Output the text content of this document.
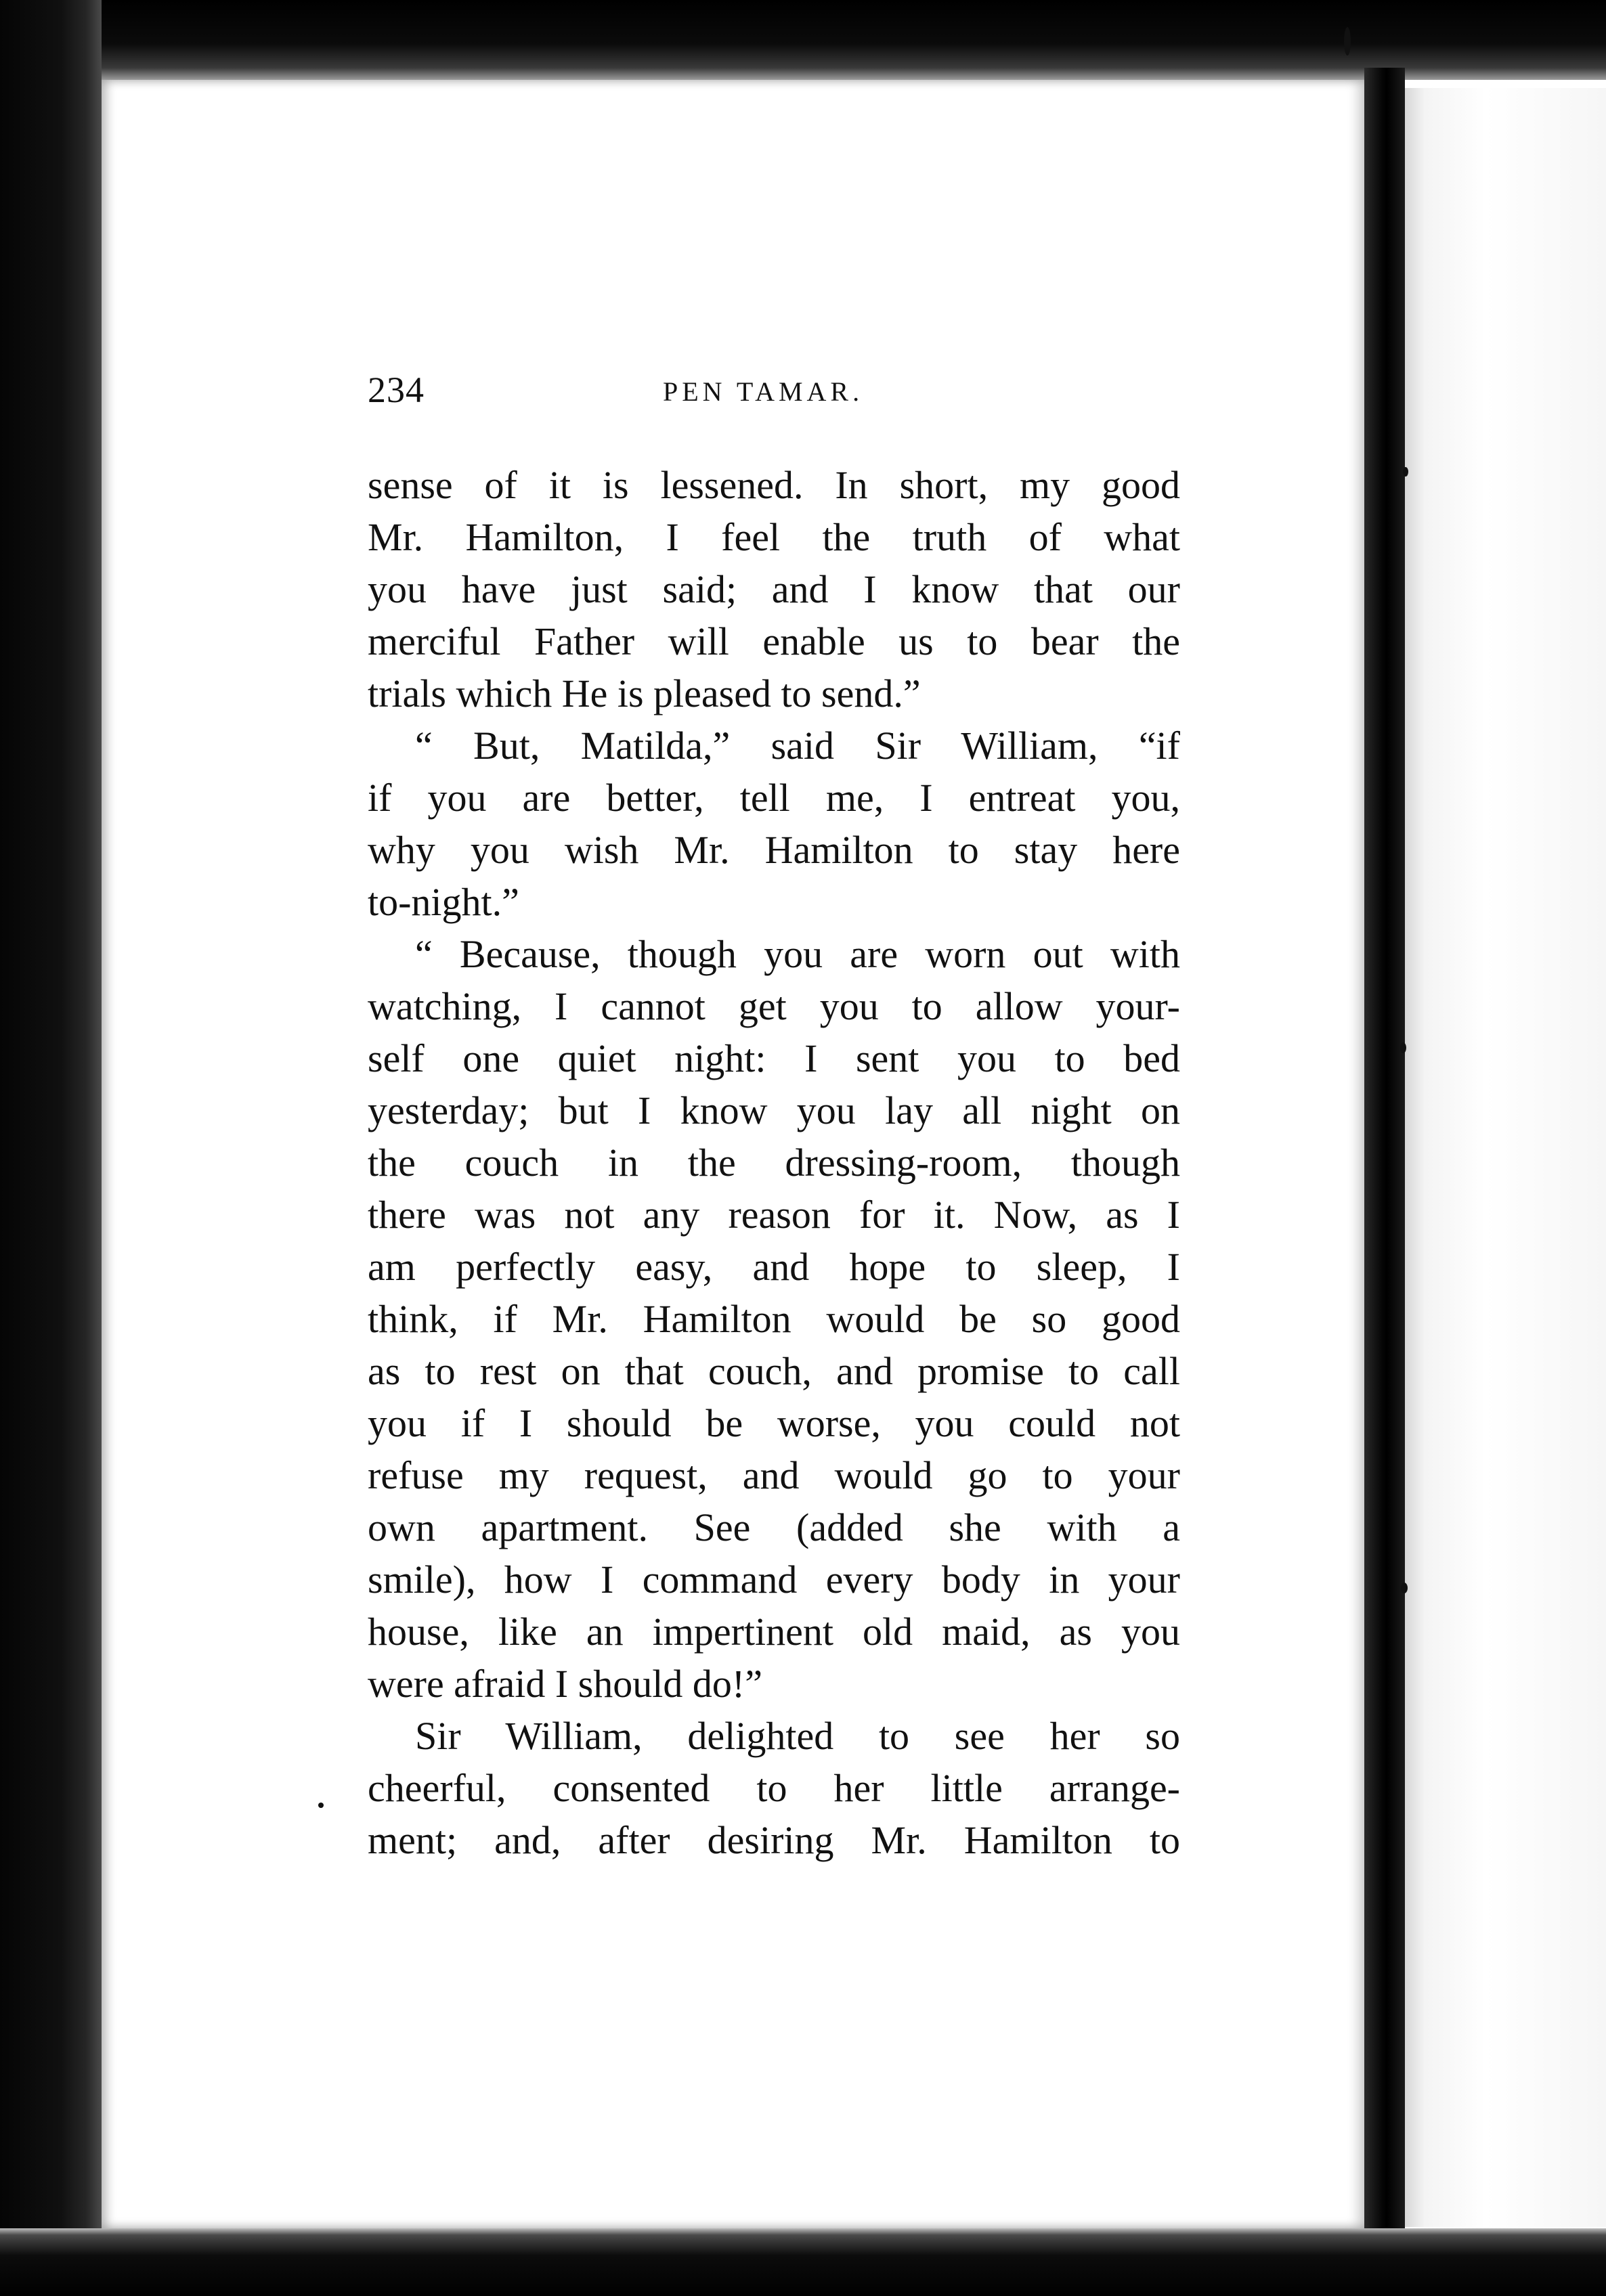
234	PEN TAMAR.
sense of it is lessened. In short, my good
Mr. Hamilton, I feel the truth of what
you have just said; and I know that our
merciful Father will enable us to bear the
trials which He is pleased to send.”
“ But, Matilda,” said Sir William, “if
if you are better, tell me, I entreat you,
why you wish Mr. Hamilton to stay here
to-night.”
“ Because, though you are worn out with
watching, I cannot get you to allow your-
self one quiet night: I sent you to bed
yesterday; but I know you lay all night on
the couch in the dressing-room, though
there was not any reason for it. Now, as I
am perfectly easy, and hope to sleep, I
think, if Mr. Hamilton would be so good
as to rest on that couch, and promise to call
you if I should be worse, you could not
refuse my request, and would go to your
own apartment. See (added she with a
smile), how I command every body in your
house, like an impertinent old maid, as you
were afraid I should do!”
Sir William, delighted to see her so
cheerful, consented to her little arrange-
ment; and, after desiring Mr. Hamilton to
